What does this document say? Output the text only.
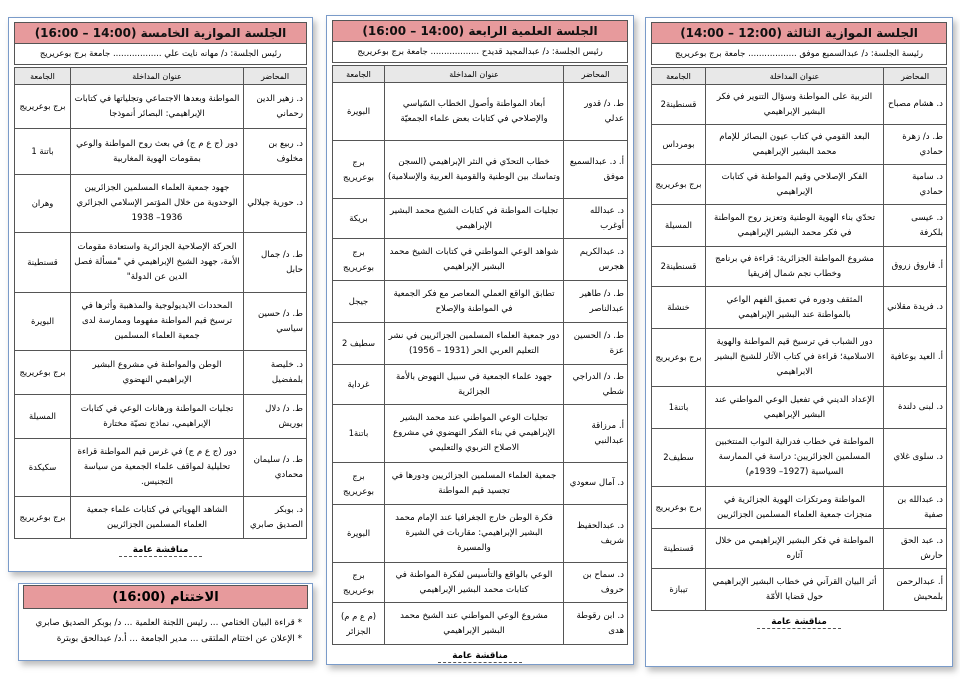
الجلسة الموازية الخامسة (14:00 – 16:00)
رئيس الجلسة: د/ مهانه نايت علي .................. جامعة برج بوعريريج
المحاضر	عنوان المداخلة	الجامعة
د. زهير الدين رحماني	المواطنة وبعدها الاجتماعي وتجلياتها في كتابات الإبراهيمي: البصائر أنموذجا	برج بوعريريج
د. ربيع بن مخلوف	دور (ج ع م ج) في بعث روح المواطنة والوعي بمقومات الهوية المغاربية	باتنة 1
د. حورية جيلالي	جهود جمعية العلماء المسلمين الجزائريين الوحدوية من خلال المؤتمر الإسلامي الجزائري 1936– 1938	وهران
ط. د/ جمال حابل	الحركة الإصلاحية الجزائرية واستعادة مقومات الأمة، جهود الشيخ الإبراهيمي في "مسألة فصل الدين عن الدولة"	قسنطينة
ط. د/ حسين سياسي	المحددات الايديولوجية والمذهبية وأثرها في ترسيخ قيم المواطنة مفهوما وممارسة لدى جمعية العلماء المسلمين	البويرة
د. خليصة بلمفضيل	الوطن والمواطنة في مشروع البشير الإبراهيمي النهضوي	برج بوعريريج
ط. د/ دلال بوريش	تجليات المواطنة ورهانات الوعي في كتابات الإبراهيمي، نماذج نصيّة مختارة	المسيلة
ط. د/ سليمان محمادي	دور (ج ع م ج) في غرس قيم المواطنة قراءة تحليلية لمواقف علماء الجمعية من سياسة التجنيس.	سكيكدة
د. بوبكر الصديق صابري	الشاهد الهوياتي في كتابات علماء جمعية العلماء المسلمين الجزائريين	برج بوعريريج
مناقشة عامة
الاختتام (16:00)
* قراءة البيان الختامي ... رئيس اللجنة العلمية ... د/ بوبكر الصديق صابري
* الإعلان عن اختتام الملتقى ... مدير الجامعة ... أ.د/ عبدالحق بوبترة
الجلسة العلمية الرابعة (14:00 – 16:00)
رئيس الجلسة: د/ عبدالمجيد قديدح .................. جامعة برج بوعريريج
المحاضر	عنوان المداخلة	الجامعة
ط. د/ قدور عدلي	أبعاد المواطنة وأصول الخطاب السّياسي والإصلاحي في كتابات بعض علماء الجمعيّة	البويرة
أ. د. عبدالسميع موفق	خطاب التحدّي في النثر الإبراهيمي (السجن وتماسك بين الوطنية والقومية العربية والإسلامية)	برج بوعريريج
د. عبدالله أوغرب	تجليات المواطنة في كتابات الشيخ محمد البشير الإبراهيمي	بريكة
د. عبدالكريم هجرس	شواهد الوعي المواطني في كتابات الشيخ محمد البشير الإبراهيمي	برج بوعريريج
ط. د/ طاهير عبدالناصر	تطابق الواقع العملي المعاصر مع فكر الجمعية في المواطنة والإصلاح	جيجل
ط. د/ الحسين عزة	دور جمعية العلماء المسلمين الجزائريين في نشر التعليم العربي الحر (1931 – 1956)	سطيف 2
ط. د/ الدراجي شطي	جهود علماء الجمعية في سبيل النهوض بالأمة الجزائرية	غرداية
أ. مرزاقة عبدالنبي	تجليات الوعي المواطني عند محمد البشير الإبراهيمي في بناء الفكر النهضوي في مشروع الاصلاح التربوي والتعليمي	باتنة1
د. آمال سعودي	جمعية العلماء المسلمين الجزائريين ودورها في تجسيد قيم المواطنة	برج بوعريريج
د. عبدالحفيظ شريف	فكرة الوطن خارج الجغرافيا عند الإمام محمد البشير الإبراهيمي: مقاربات في الشيرة والمسيرة	البويرة
د. سماح بن حروف	الوعي بالواقع والتأسيس لفكرة المواطنة في كتابات محمد البشير الإبراهيمي	برج بوعريريج
د. ابن رقوطة هدى	مشروع الوعي المواطني عند الشيخ محمد البشير الإبراهيمي	(م ع م م) الجزائر
مناقشة عامة
الجلسة الموازية الثالثة (12:00 – 14:00)
رئيسة الجلسة: د/ عبدالسميع موفق .................. جامعة برج بوعريريج
المحاضر	عنوان المداخلة	الجامعة
د. هشام مصباح	التربية على المواطنة وسؤال التنوير في فكر البشير الإبراهيمي	قسنطينة2
ط. د/ زهرة حمادي	البعد القومي في كتاب عيون البصائر للإمام محمد البشير الإبراهيمي	بومرداس
د. سامية حمادي	الفكر الإصلاحي وقيم المواطنة في كتابات الإبراهيمي	برج بوعريريج
د. عيسى بلكرفة	تحدّي بناء الهوية الوطنية وتعزيز روح المواطنة في فكر محمد البشير الإبراهيمي	المسيلة
أ. فاروق زروق	مشروع المواطنة الجزائرية: قراءة في برنامج وخطاب نجم شمال إفريقيا	قسنطينة2
د. فريدة مقلاني	المثقف ودوره في تعميق الفهم الواعي بالمواطنة عند البشير الإبراهيمي	خنشلة
أ. العيد بوعافية	دور الشباب في ترسيخ قيم المواطنة والهوية الاسلامية؛ قراءة في كتاب الآثار للشيخ البشير الابراهيمي	برج بوعريريج
د. لبنى دلندة	الإعداد الديني في تفعيل الوعي المواطني عند البشير الإبراهيمي	باتنة1
د. سلوى غلاي	المواطنة في خطاب فدرالية النواب المنتخبين المسلمين الجزائريين: دراسة في الممارسة السياسية (1927– 1939م)	سطيف2
د. عبدالله بن صفية	المواطنة ومرتكزات الهوية الجزائرية في منجزات جمعية العلماء المسلمين الجزائريين	برج بوعريريج
د. عبد الحق حارش	المواطنة في فكر البشير الإبراهيمي من خلال آثاره	قسنطينة
أ. عبدالرحمن بلمحيش	أثر البيان القرآني في خطاب البشير الإبراهيمي حول قضايا الأمّة	تيبازة
مناقشة عامة
